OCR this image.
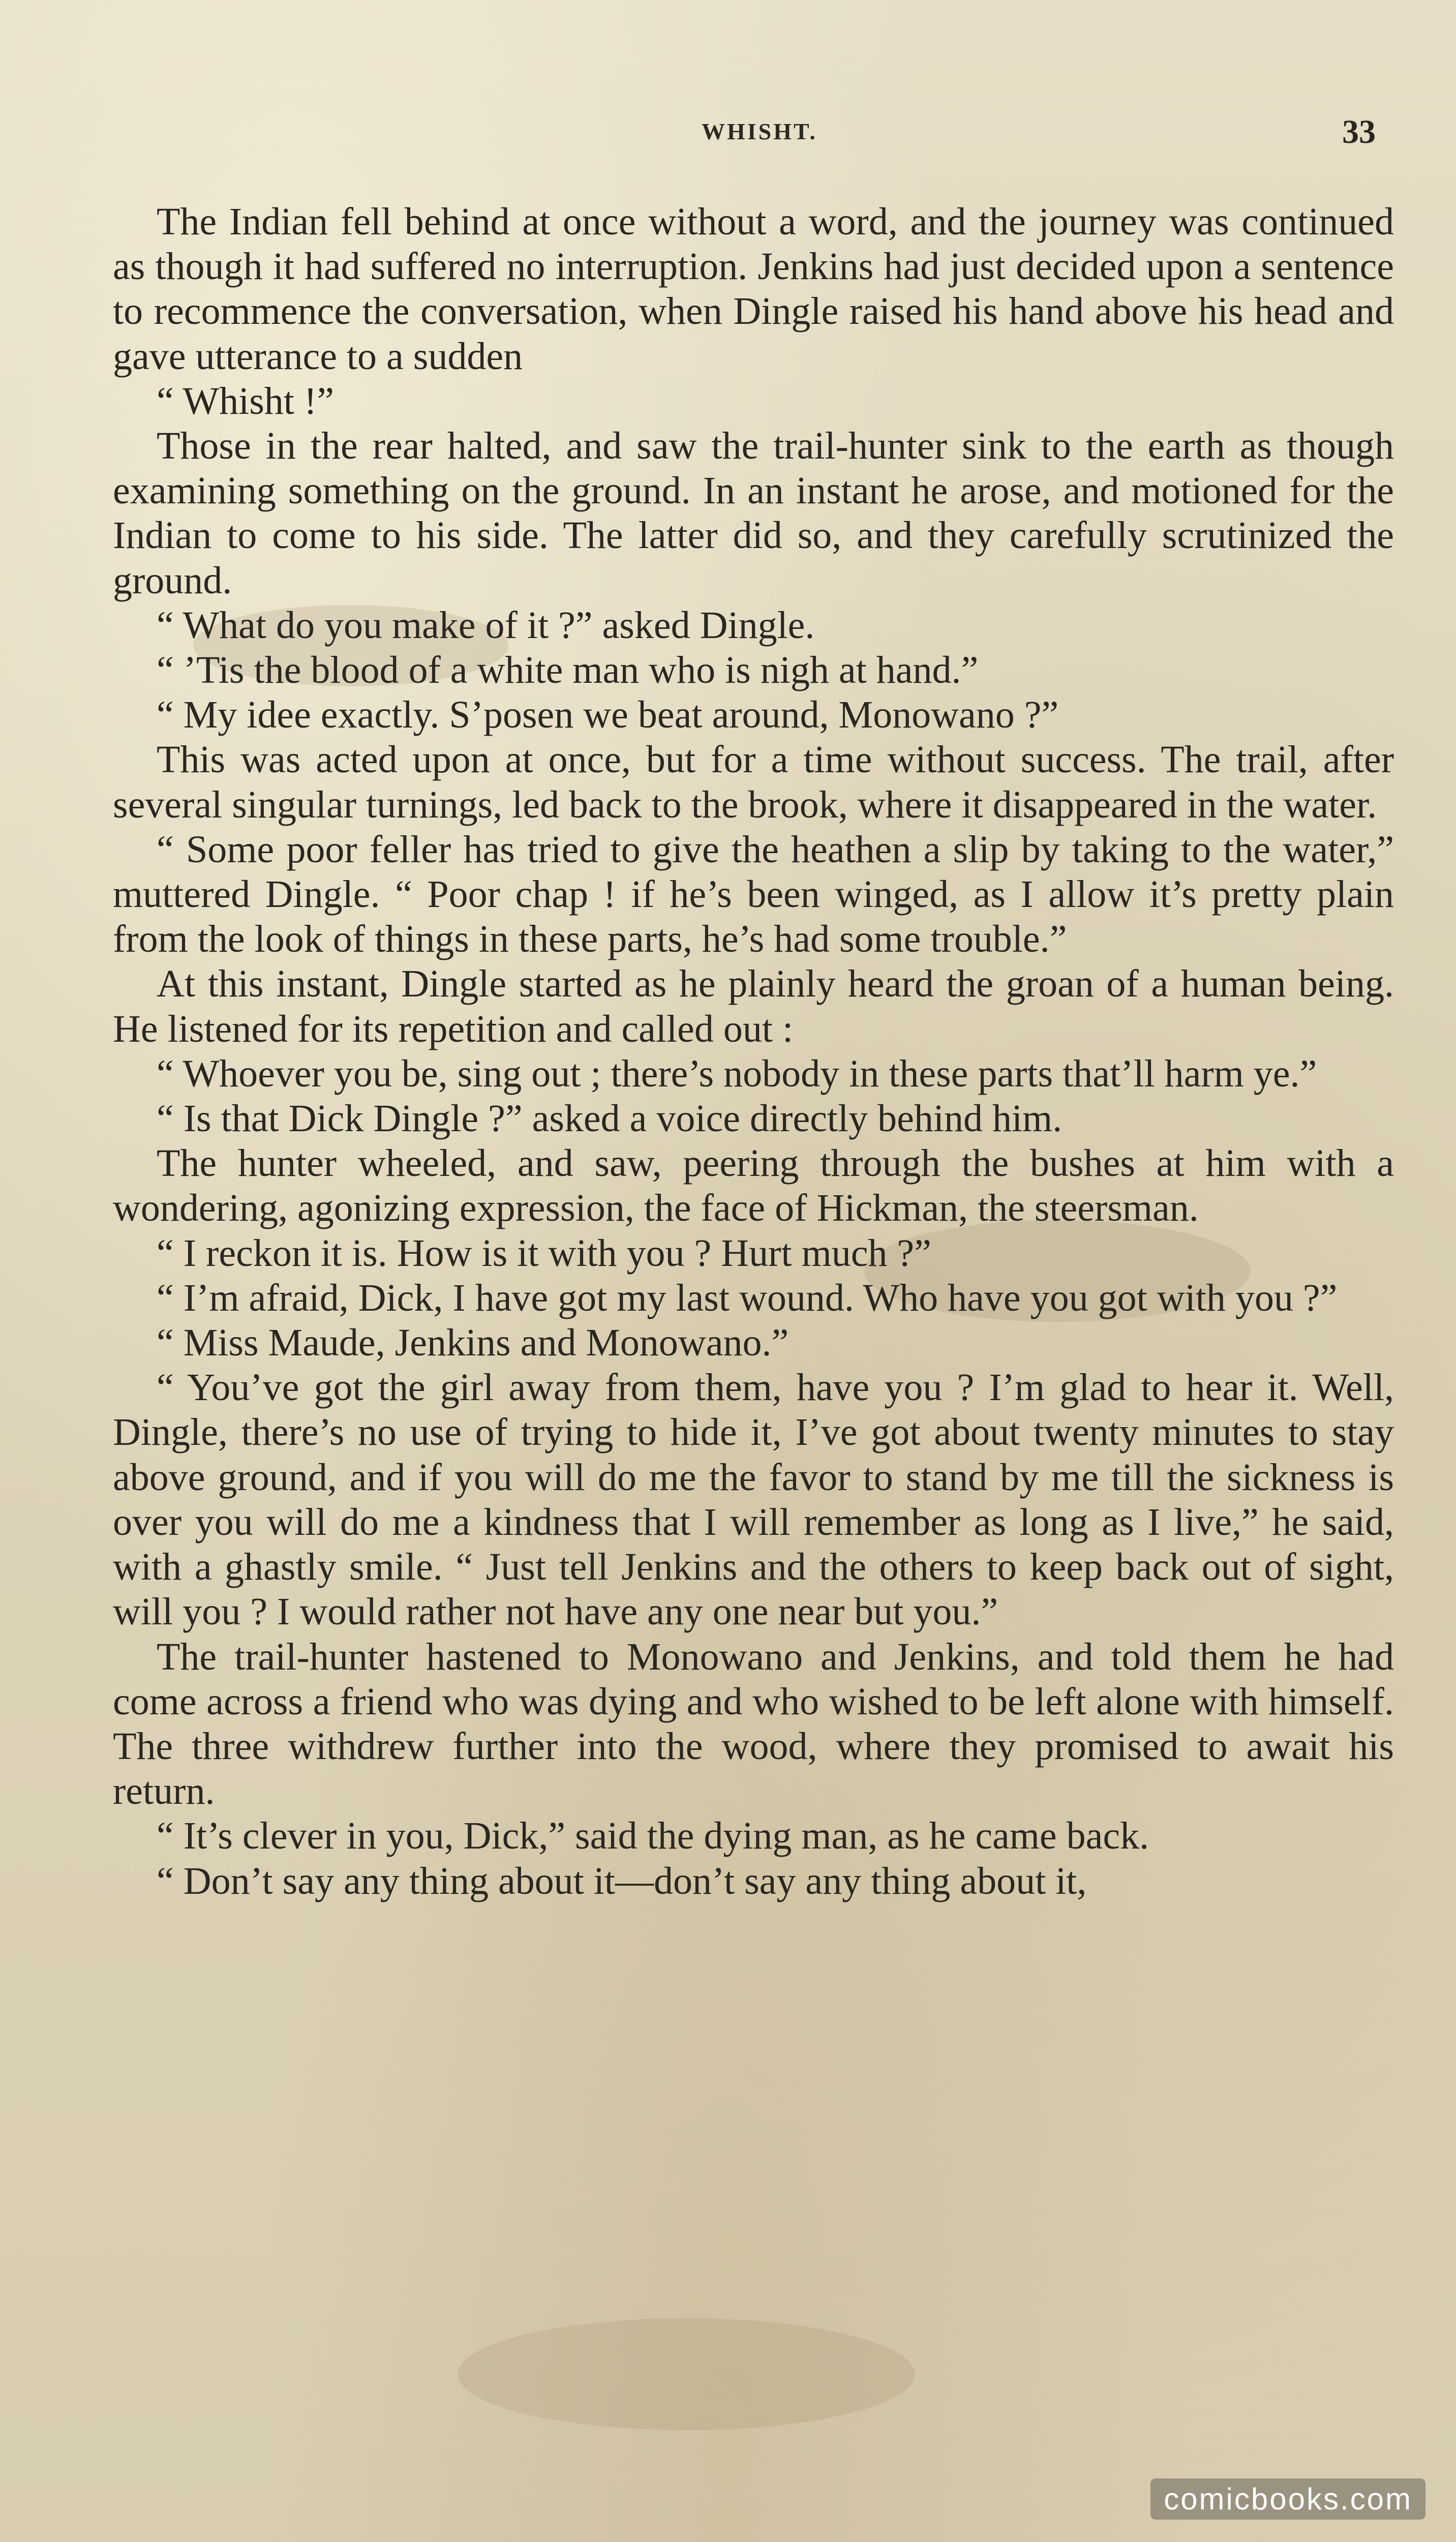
WHISHT.	33

The Indian fell behind at once without a word, and the journey was continued as though it had suffered no interruption. Jenkins had just decided upon a sentence to recommence the conversation, when Dingle raised his hand above his head and gave utterance to a sudden

“ Whisht !”

Those in the rear halted, and saw the trail-hunter sink to the earth as though examining something on the ground. In an instant he arose, and motioned for the Indian to come to his side. The latter did so, and they carefully scrutinized the ground.

“ What do you make of it ?” asked Dingle.

“ ’Tis the blood of a white man who is nigh at hand.”

“ My idee exactly. S’posen we beat around, Monowano ?”

This was acted upon at once, but for a time without success. The trail, after several singular turnings, led back to the brook, where it disappeared in the water.

“ Some poor feller has tried to give the heathen a slip by taking to the water,” muttered Dingle. “ Poor chap ! if he’s been winged, as I allow it’s pretty plain from the look of things in these parts, he’s had some trouble.”

At this instant, Dingle started as he plainly heard the groan of a human being. He listened for its repetition and called out :

“ Whoever you be, sing out ; there’s nobody in these parts that’ll harm ye.”

“ Is that Dick Dingle ?” asked a voice directly behind him.

The hunter wheeled, and saw, peering through the bushes at him with a wondering, agonizing expression, the face of Hickman, the steersman.

“ I reckon it is. How is it with you ? Hurt much ?”

“ I’m afraid, Dick, I have got my last wound. Who have you got with you ?”

“ Miss Maude, Jenkins and Monowano.”

“ You’ve got the girl away from them, have you ? I’m glad to hear it. Well, Dingle, there’s no use of trying to hide it, I’ve got about twenty minutes to stay above ground, and if you will do me the favor to stand by me till the sickness is over you will do me a kindness that I will remember as long as I live,” he said, with a ghastly smile. “ Just tell Jenkins and the others to keep back out of sight, will you ? I would rather not have any one near but you.”

The trail-hunter hastened to Monowano and Jenkins, and told them he had come across a friend who was dying and who wished to be left alone with himself. The three withdrew further into the wood, where they promised to await his return.

“ It’s clever in you, Dick,” said the dying man, as he came back.

“ Don’t say any thing about it—don’t say any thing about it,

comicbooks.com
